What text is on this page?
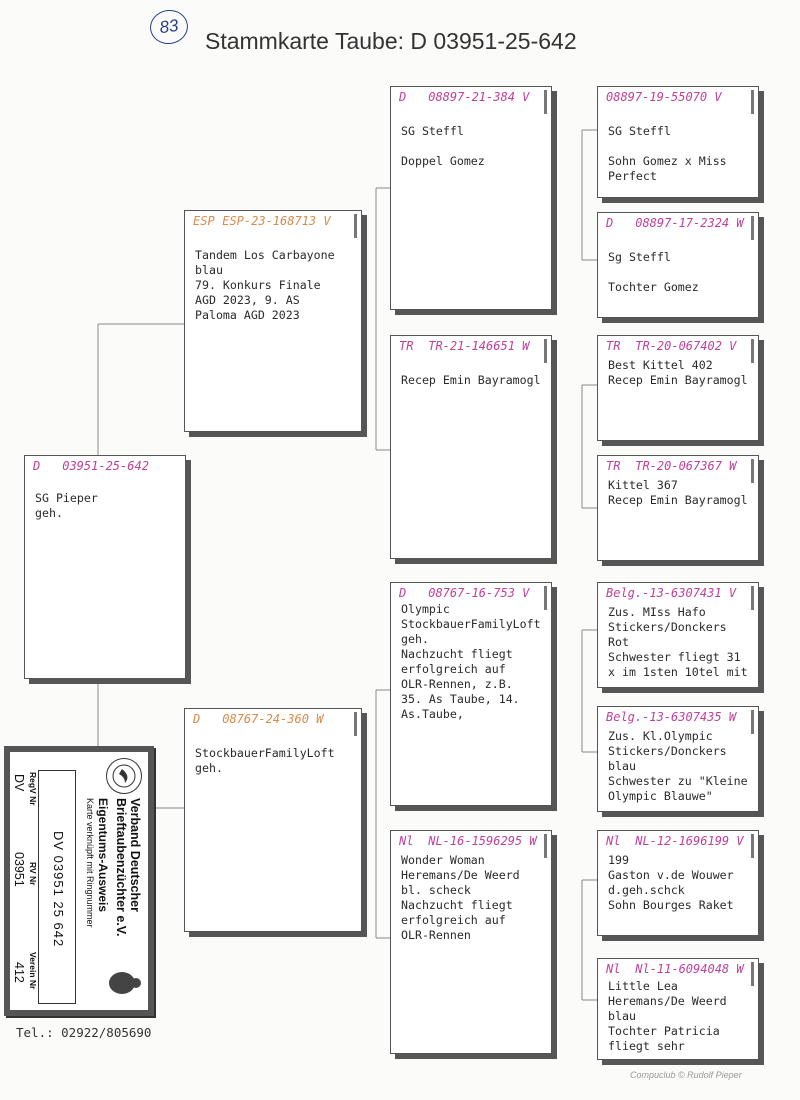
83
Stammkarte Taube: D 03951-25-642
D 03951-25-642
SG Pieper
geh.
ESP ESP-23-168713 V
Tandem Los Carbayone
blau
79. Konkurs Finale
AGD 2023, 9. AS
Paloma AGD 2023
D 08767-24-360 W
StockbauerFamilyLoft
geh.
D 08897-21-384 V
SG Steffl

Doppel Gomez
TR TR-21-146651 W
Recep Emin Bayramogl
D 08767-16-753 V
Olympic
StockbauerFamilyLoft
geh.
Nachzucht fliegt
erfolgreich auf
OLR-Rennen, z.B.
35. As Taube, 14.
As.Taube,
Nl NL-16-1596295 W
Wonder Woman
Heremans/De Weerd
bl. scheck
Nachzucht fliegt
erfolgreich auf
OLR-Rennen
08897-19-55070 V
SG Steffl

Sohn Gomez x Miss
Perfect
D 08897-17-2324 W
Sg Steffl

Tochter Gomez
TR TR-20-067402 V
Best Kittel 402
Recep Emin Bayramogl
TR TR-20-067367 W
Kittel 367
Recep Emin Bayramogl
Belg.-13-6307431 V
Zus. MIss Hafo
Stickers/Donckers
Rot
Schwester fliegt 31
x im 1sten 10tel mit
Belg.-13-6307435 W
Zus. Kl.Olympic
Stickers/Donckers
blau
Schwester zu "Kleine
Olympic Blauwe"
Nl NL-12-1696199 V
199
Gaston v.de Wouwer
d.geh.schck
Sohn Bourges Raket
Nl Nl-11-6094048 W
Little Lea
Heremans/De Weerd
blau
Tochter Patricia
fliegt sehr
Verband Deutscher
Brieftaubenzüchter e.V.
Eigentums-Ausweis
Karte verknüpft mit Ringnummer
DV 03951 25 642
RegV Nr
RV Nr
Verein Nr
DV
03951
412
Tel.: 02922/805690
Compuclub © Rudolf Pieper
